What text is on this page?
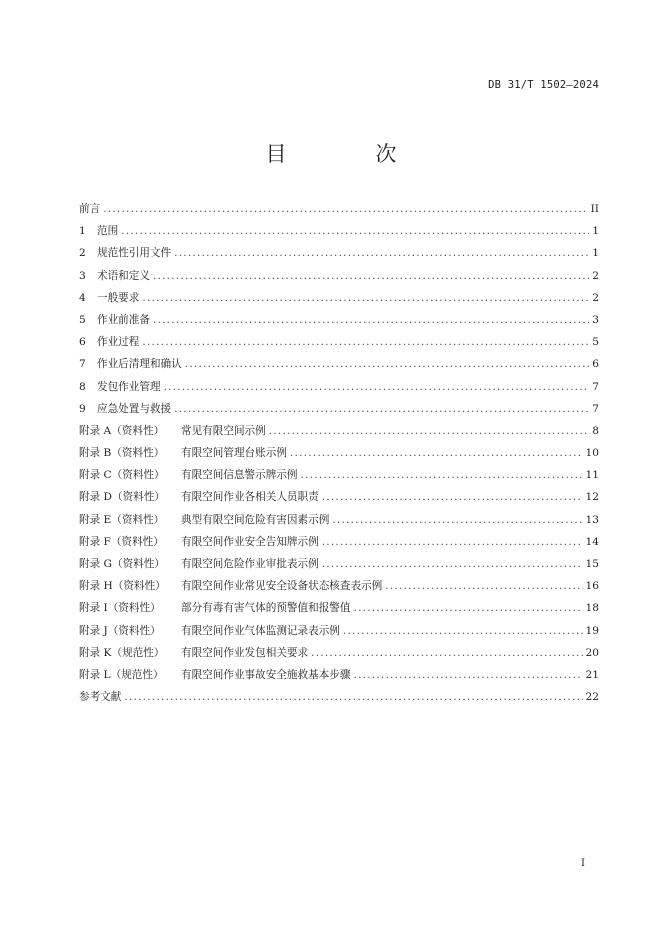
DB 31/T 1502—2024
目　次
前言 .....	II
1	范围 .....	1
2	规范性引用文件 .....	1
3	术语和定义 .....	2
4	一般要求 .....	2
5	作业前准备 .....	3
6	作业过程 .....	5
7	作业后清理和确认 .....	6
8	发包作业管理 .....	7
9	应急处置与救援 .....	7
附录 A（资料性）	常见有限空间示例 .....	8
附录 B（资料性）	有限空间管理台账示例 .....	10
附录 C（资料性）	有限空间信息警示牌示例 .....	11
附录 D（资料性）	有限空间作业各相关人员职责 .....	12
附录 E（资料性）	典型有限空间危险有害因素示例 .....	13
附录 F（资料性）	有限空间作业安全告知牌示例 .....	14
附录 G（资料性）	有限空间危险作业审批表示例 .....	15
附录 H（资料性）	有限空间作业常见安全设备状态核查表示例 .....	16
附录 I（资料性）	部分有毒有害气体的预警值和报警值 .....	18
附录 J（资料性）	有限空间作业气体监测记录表示例 .....	19
附录 K（规范性）	有限空间作业发包相关要求 .....	20
附录 L（规范性）	有限空间作业事故安全施救基本步骤 .....	21
参考文献 .....	22
I
